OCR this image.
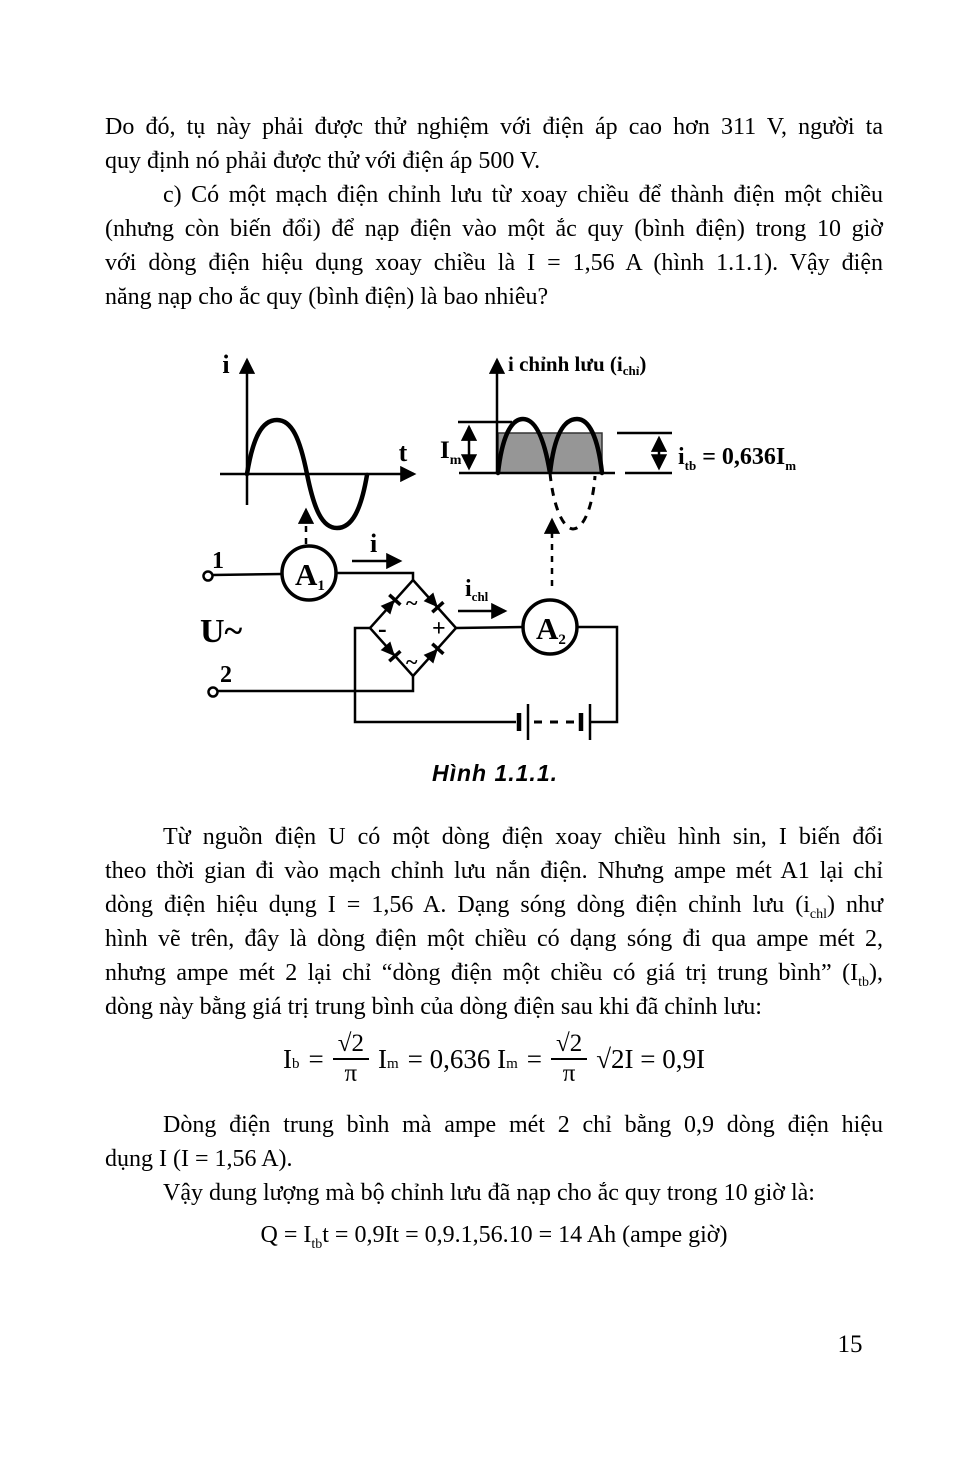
Do đó, tụ này phải được thử nghiệm với điện áp cao hơn 311 V, người ta
quy định nó phải được thử với điện áp 500 V.
c) Có một mạch điện chỉnh lưu từ xoay chiều để thành điện một chiều
(nhưng còn biến đổi) để nạp điện vào một ắc quy (bình điện) trong 10 giờ
với dòng điện hiệu dụng xoay chiều là I = 1,56 A (hình 1.1.1). Vậy điện
năng nạp cho ắc quy (bình điện) là bao nhiêu?
i
t
i chỉnh lưu (ichỉ)
$I_m$	$i_{tb} = 0,636I_m$
1
2
U~
A1
i
~
~
- +
$i_{chl}$
A2
Hình 1.1.1.
Từ nguồn điện U có một dòng điện xoay chiều hình sin, I biến đổi
theo thời gian đi vào mạch chỉnh lưu nắn điện. Nhưng ampe mét A1 lại chỉ
dòng điện hiệu dụng I = 1,56 A. Dạng sóng dòng điện chỉnh lưu $(i_{chl})$ như
hình vẽ trên, đây là dòng điện một chiều có dạng sóng đi qua ampe mét 2,
nhưng ampe mét 2 lại chỉ “dòng điện một chiều có giá trị trung bình” $(I_{tb})$,
dòng này bằng giá trị trung bình của dòng điện sau khi đã chỉnh lưu:
I $b = \frac{√2}{\pi}$ I m = 0,636 I $m = \frac{√2}{\pi} √2I = 0,9I$
Dòng điện trung bình mà ampe mét 2 chỉ bằng 0,9 dòng điện hiệu
dụng I (I = 1,56 A).
Vậy dung lượng mà bộ chỉnh lưu đã nạp cho ắc quy trong 10 giờ là:
$Q = I_{tb}t = 0,9It = 0,9.1,56.10 = 14$ Ah (ampe giờ)
15
